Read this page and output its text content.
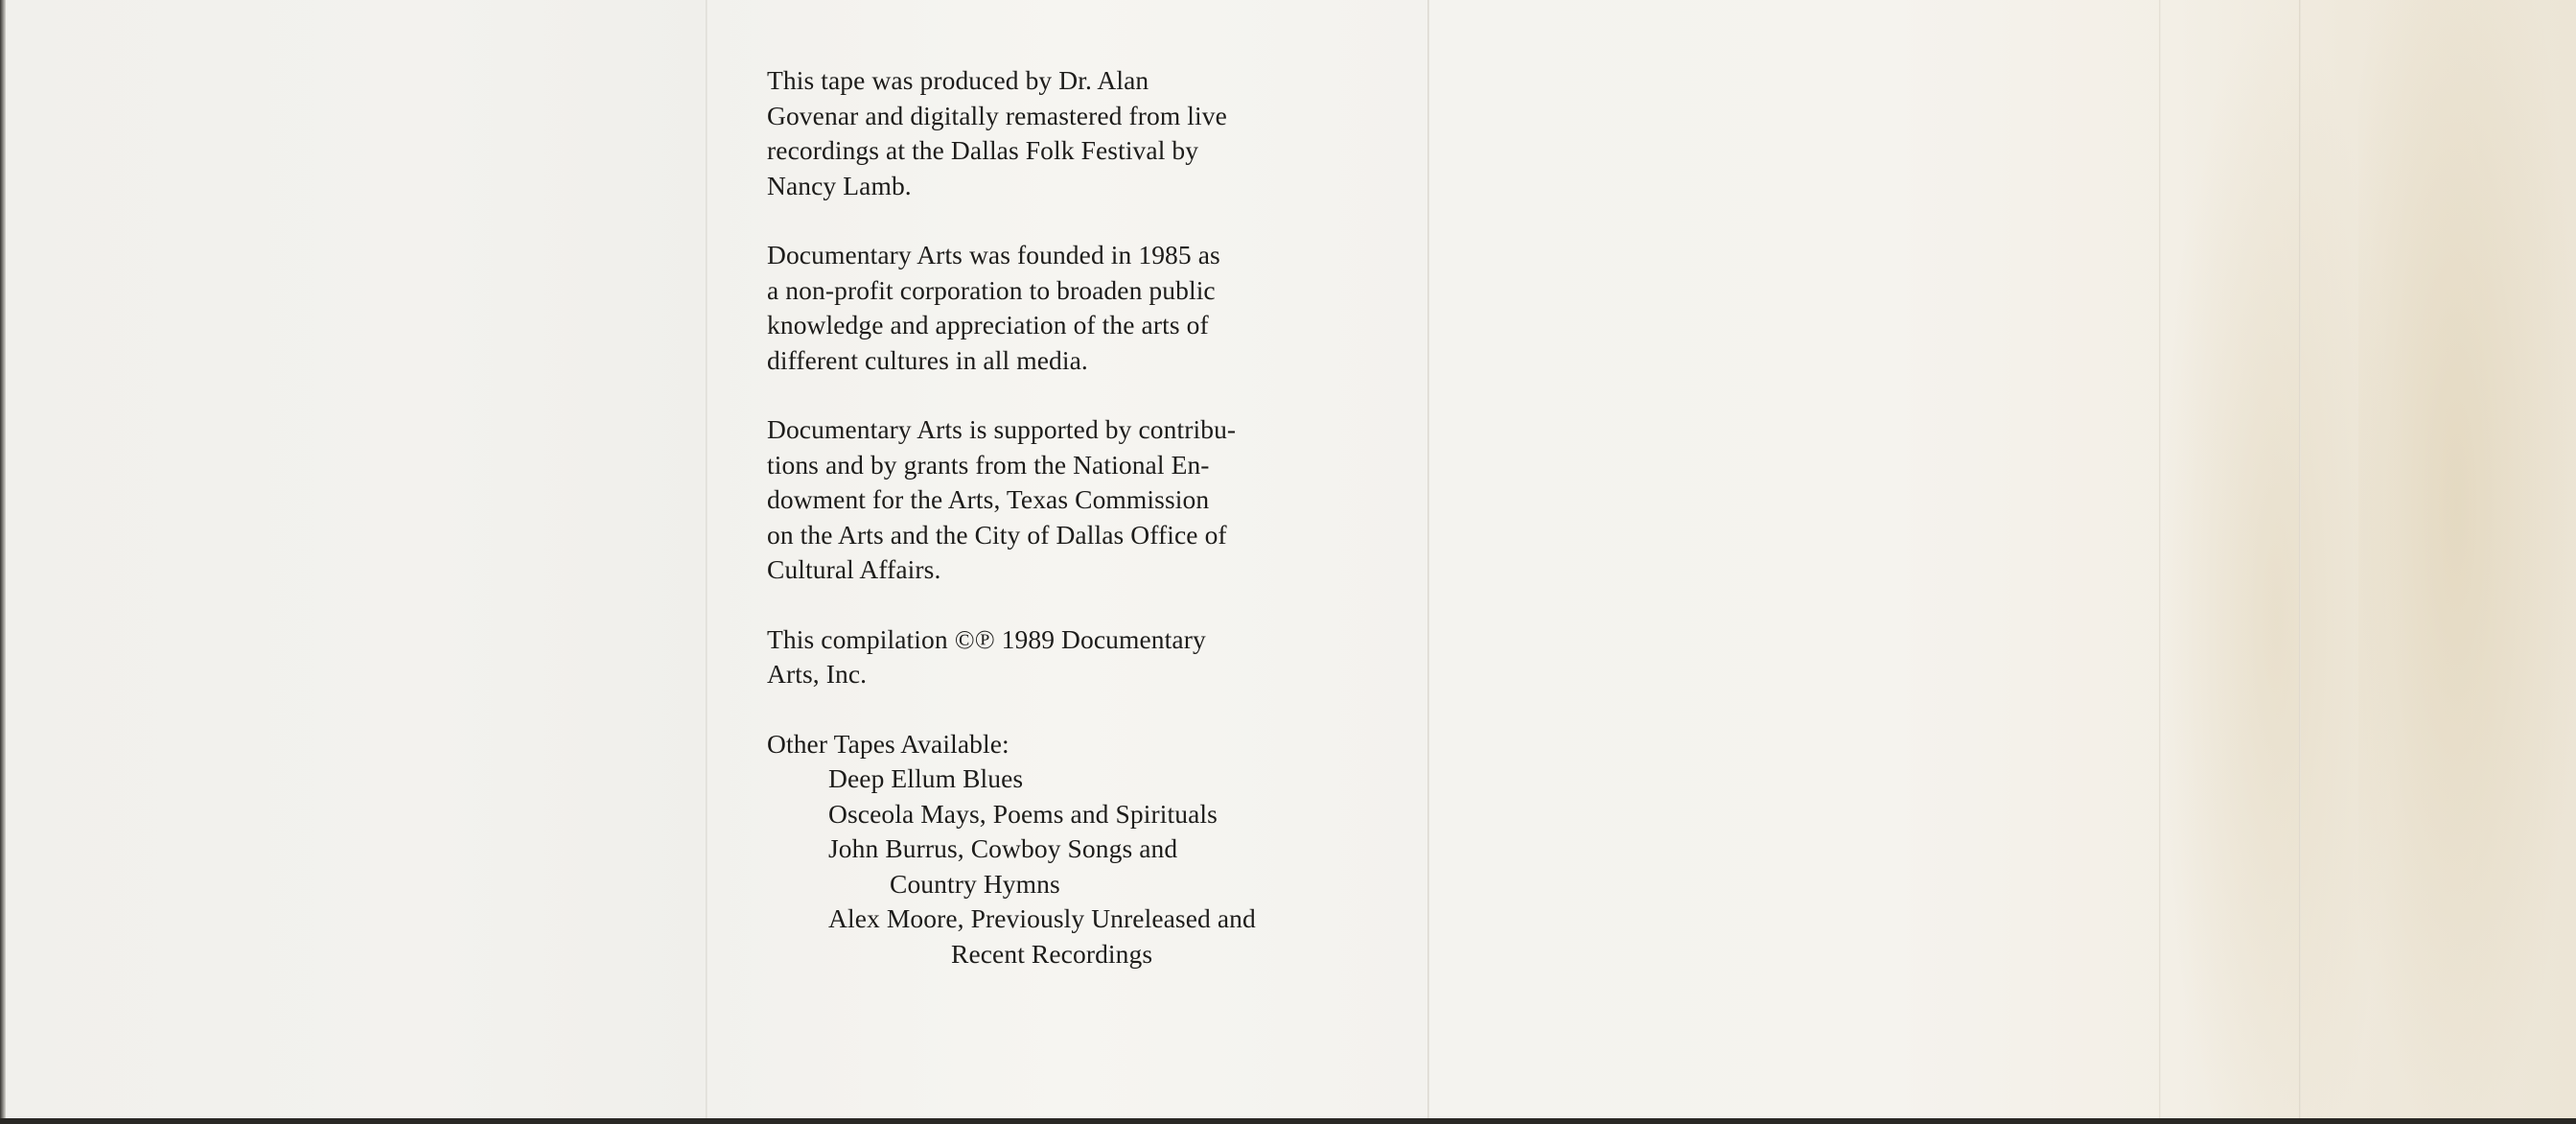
This tape was produced by Dr. Alan
Govenar and digitally remastered from live
recordings at the Dallas Folk Festival by
Nancy Lamb.
Documentary Arts was founded in 1985 as
a non-profit corporation to broaden public
knowledge and appreciation of the arts of
different cultures in all media.
Documentary Arts is supported by contribu-
tions and by grants from the National En-
dowment for the Arts, Texas Commission
on the Arts and the City of Dallas Office of
Cultural Affairs.
This compilation ©℗ 1989 Documentary
Arts, Inc.
Other Tapes Available:
Deep Ellum Blues
Osceola Mays, Poems and Spirituals
John Burrus, Cowboy Songs and
Country Hymns
Alex Moore, Previously Unreleased and
Recent Recordings
